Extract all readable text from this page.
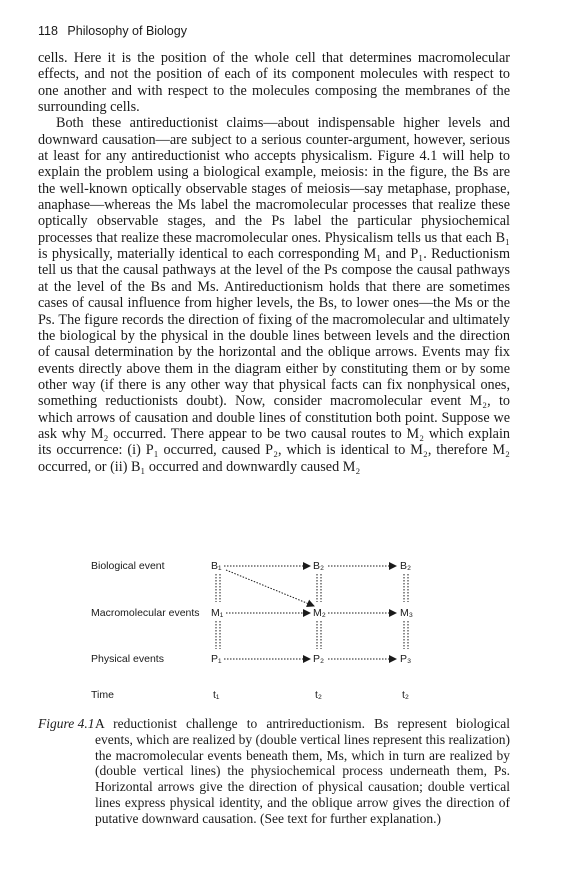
118 Philosophy of Biology

cells. Here it is the position of the whole cell that determines macromolecular effects, and not the position of each of its component molecules with respect to one another and with respect to the molecules composing the membranes of the surrounding cells.

Both these antireductionist claims—about indispensable higher levels and downward causation—are subject to a serious counter-argument, however, serious at least for any antireductionist who accepts physicalism. Figure 4.1 will help to explain the problem using a biological example, meiosis: in the figure, the Bs are the well-known optically observable stages of meiosis—say metaphase, prophase, anaphase—whereas the Ms label the macromolecular processes that realize these optically observable stages, and the Ps label the particular physiochemical processes that realize these macromolecular ones. Physicalism tells us that each B₁ is physically, materially identical to each corresponding M₁ and P₁. Reductionism tell us that the causal pathways at the level of the Ps compose the causal pathways at the level of the Bs and Ms. Antireductionism holds that there are sometimes cases of causal influence from higher levels, the Bs, to lower ones—the Ms or the Ps. The figure records the direction of fixing of the macromolecular and ultimately the biological by the physical in the double lines between levels and the direction of causal determination by the horizontal and the oblique arrows. Events may fix events directly above them in the diagram either by constituting them or by some other way (if there is any other way that physical facts can fix nonphysical ones, something reductionists doubt). Now, consider macromolecular event M₂, to which arrows of causation and double lines of constitution both point. Suppose we ask why M₂ occurred. There appear to be two causal routes to M₂ which explain its occurrence: (i) P₁ occurred, caused P₂, which is identical to M₂, therefore M₂ occurred, or (ii) B₁ occurred and downwardly caused M₂

Biological event
Macromolecular events
Physical events
Time
B₁	B₂	B₂
M₁	M₂	M₃
P₁	P₂	P₃
t₁	t₂	t₂
Figure 4.1 A reductionist challenge to antrireductionism. Bs represent biological events, which are realized by (double vertical lines represent this realization) the macromolecular events beneath them, Ms, which in turn are realized by (double vertical lines) the physiochemical process underneath them, Ps. Horizontal arrows give the direction of physical causation; double vertical lines express physical identity, and the oblique arrow gives the direction of putative downward causation. (See text for further explanation.)
